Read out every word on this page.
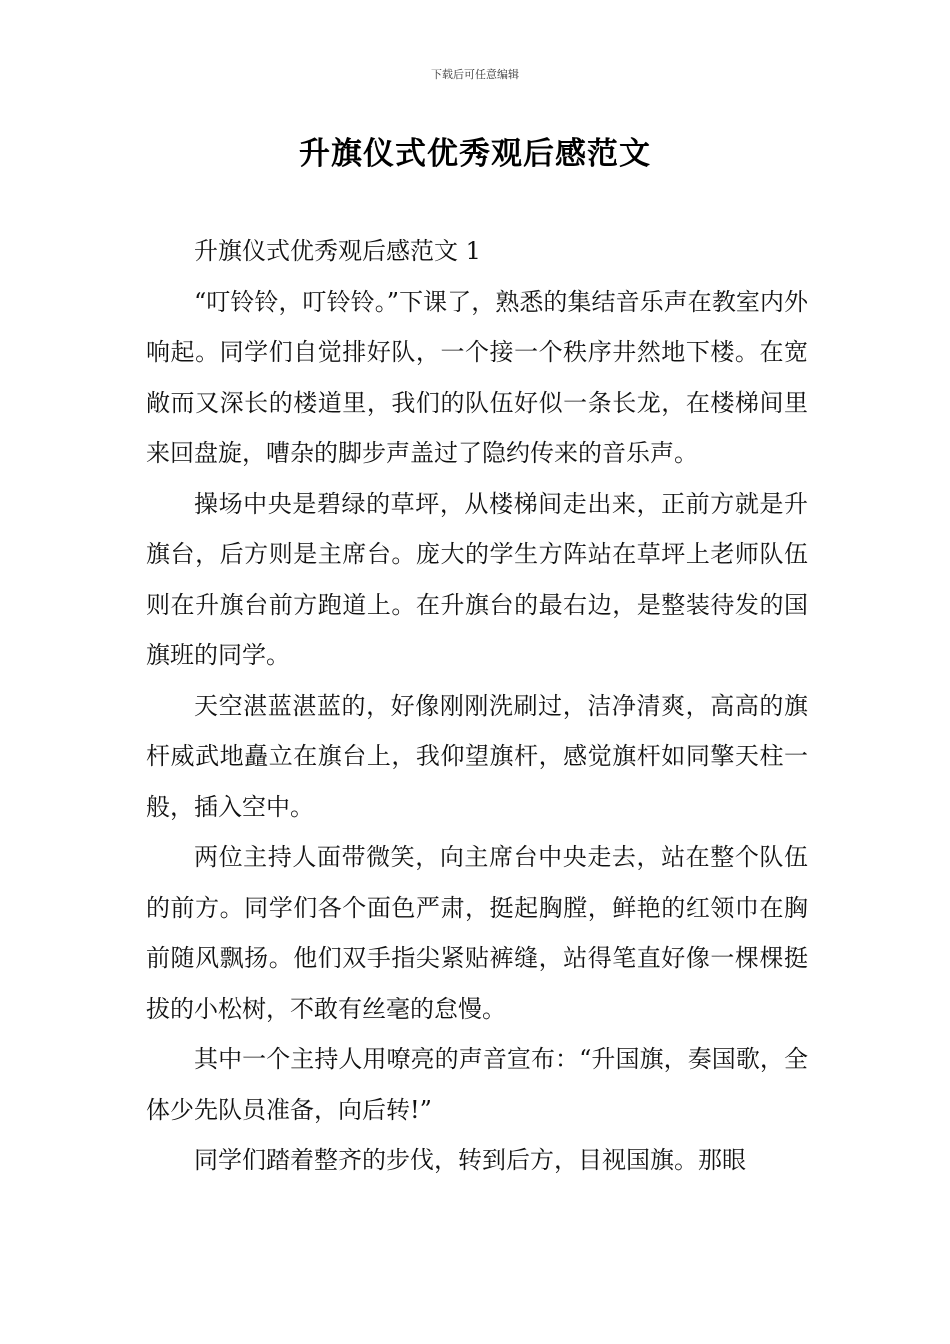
下载后可任意编辑
升旗仪式优秀观后感范文

升旗仪式优秀观后感范文 1

“叮铃铃，叮铃铃。”下课了，熟悉的集结音乐声在教室内外响起。同学们自觉排好队，一个接一个秩序井然地下楼。在宽敞而又深长的楼道里，我们的队伍好似一条长龙，在楼梯间里来回盘旋，嘈杂的脚步声盖过了隐约传来的音乐声。

操场中央是碧绿的草坪，从楼梯间走出来，正前方就是升旗台，后方则是主席台。庞大的学生方阵站在草坪上老师队伍则在升旗台前方跑道上。在升旗台的最右边，是整装待发的国旗班的同学。

天空湛蓝湛蓝的，好像刚刚洗刷过，洁净清爽，高高的旗杆威武地矗立在旗台上，我仰望旗杆，感觉旗杆如同擎天柱一般，插入空中。

两位主持人面带微笑，向主席台中央走去，站在整个队伍的前方。同学们各个面色严肃，挺起胸膛，鲜艳的红领巾在胸前随风飘扬。他们双手指尖紧贴裤缝，站得笔直好像一棵棵挺拔的小松树，不敢有丝毫的怠慢。

其中一个主持人用嘹亮的声音宣布：“升国旗，奏国歌，全体少先队员准备，向后转!”

同学们踏着整齐的步伐，转到后方，目视国旗。那眼
